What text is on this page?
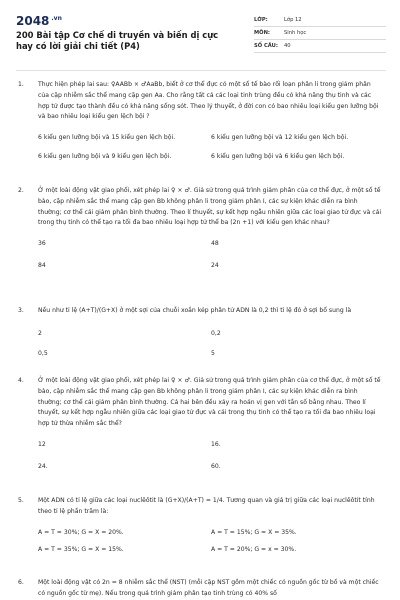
2048 $^{.vn}$
200 Bài tập Cơ chế di truyền và biến dị cực hay có lời giải chi tiết (P4)
LỚP:	Lớp 12
MÔN:	Sinh học
SỐ CÂU:	40
1. Thực hiện phép lai sau: ♀AABb × ♂AaBb, biết ở cơ thể đực có một số tế bào rối loạn phân li trong giảm phân của cặp nhiễm sắc thể mang cặp gen Aa. Cho rằng tất cả các loại tinh trùng đều có khả năng thụ tinh và các hợp tử được tạo thành đều có khả năng sống sót. Theo lý thuyết, ở đời con có bao nhiêu loại kiểu gen lưỡng bội và bao nhiêu loại kiểu gen lệch bội ?
6 kiểu gen lưỡng bội và 15 kiểu gen lệch bội.	6 kiểu gen lưỡng bội và 12 kiểu gen lệch bội.
6 kiểu gen lưỡng bội và 9 kiểu gen lệch bội.	6 kiểu gen lưỡng bội và 6 kiểu gen lệch bội.
2. Ở một loài động vật giao phối, xét phép lai ♀ × ♂. Giả sử trong quá trình giảm phân của cơ thể đực, ở một số tế bào, cặp nhiễm sắc thể mang cặp gen Bb không phân li trong giảm phân I, các sự kiện khác diễn ra bình thường; cơ thể cái giảm phân bình thường. Theo lí thuyết, sự kết hợp ngẫu nhiên giữa các loại giao tử đực và cái trong thụ tinh có thể tạo ra tối đa bao nhiêu loại hợp tử thể ba (2n +1) với kiểu gen khác nhau?
36	48
84	24
3. Nếu như tỉ lệ (A+T)/(G+X) ở một sợi của chuỗi xoắn kép phân tử ADN là 0,2 thì tỉ lệ đó ở sợi bổ sung là
2	0,2
0,5	5
4. Ở một loài động vật giao phối, xét phép lai ♀ × ♂. Giả sử trong quá trình giảm phân của cơ thể đực, ở một số tế bào, cặp nhiễm sắc thể mang cặp gen Bb không phân li trong giảm phân I, các sự kiện khác diễn ra bình thường; cơ thể cái giảm phân bình thường. Cá hai bên đều xảy ra hoán vị gen với tần số bằng nhau. Theo lí thuyết, sự kết hợp ngẫu nhiên giữa các loại giao tử đực và cái trong thụ tinh có thể tạo ra tối đa bao nhiêu loại hợp tử thừa nhiễm sắc thể?
12	16.
24.	60.
5. Một ADN có tỉ lệ giữa các loại nuclêôtit là (G+X)/(A+T) = 1/4. Tương quan và giá trị giữa các loại nuclêôtit tính theo tỉ lệ phần trăm là:
A = T = 30%; G = X = 20%.	A = T = 15%; G = X = 35%.
A = T = 35%; G = X = 15%.	A = T = 20%; G = x = 30%.
6. Một loài động vật có 2n = 8 nhiễm sắc thể (NST) (mỗi cặp NST gồm một chiếc có nguồn gốc từ bố và một chiếc có nguồn gốc từ mẹ). Nếu trong quá trình giảm phân tạo tinh trùng có 40% số
